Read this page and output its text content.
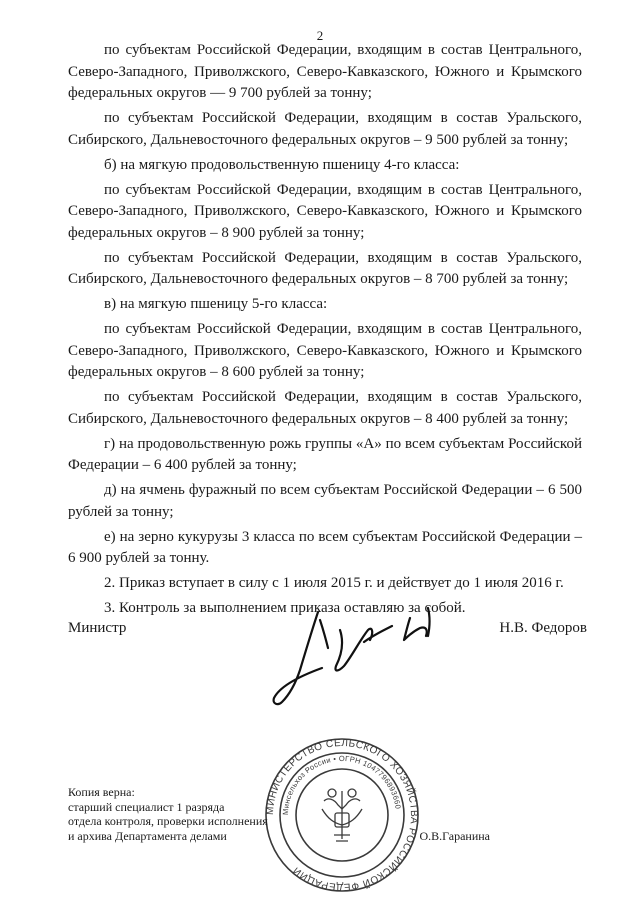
2

по субъектам Российской Федерации, входящим в состав Центрального, Северо-Западного, Приволжского, Северо-Кавказского, Южного и Крымского федеральных округов — 9 700 рублей за тонну;

по субъектам Российской Федерации, входящим в состав Уральского, Сибирского, Дальневосточного федеральных округов – 9 500 рублей за тонну;

б) на мягкую продовольственную пшеницу 4-го класса:

по субъектам Российской Федерации, входящим в состав Центрального, Северо-Западного, Приволжского, Северо-Кавказского, Южного и Крымского федеральных округов – 8 900 рублей за тонну;

по субъектам Российской Федерации, входящим в состав Уральского, Сибирского, Дальневосточного федеральных округов – 8 700 рублей за тонну;

в) на мягкую пшеницу 5-го класса:

по субъектам Российской Федерации, входящим в состав Центрального, Северо-Западного, Приволжского, Северо-Кавказского, Южного и Крымского федеральных округов – 8 600 рублей за тонну;

по субъектам Российской Федерации, входящим в состав Уральского, Сибирского, Дальневосточного федеральных округов – 8 400 рублей за тонну;

г) на продовольственную рожь группы «А» по всем субъектам Российской Федерации – 6 400 рублей за тонну;

д) на ячмень фуражный по всем субъектам Российской Федерации – 6 500 рублей за тонну;

е) на зерно кукурузы 3 класса по всем субъектам Российской Федерации – 6 900 рублей за тонну.

2. Приказ вступает в силу с 1 июля 2015 г. и действует до 1 июля 2016 г.

3. Контроль за выполнением приказа оставляю за собой.

Министр	Н.В. Федоров
МИНИСТЕРСТВО СЕЛЬСКОГО ХОЗЯЙСТВА РОССИЙСКОЙ ФЕДЕРАЦИИ
Минсельхоз России • ОГРН 1047796893660
Копия верна:
старший специалист 1 разряда
отдела контроля, проверки исполнения
и архива Департамента делами	О.В.Гаранина
